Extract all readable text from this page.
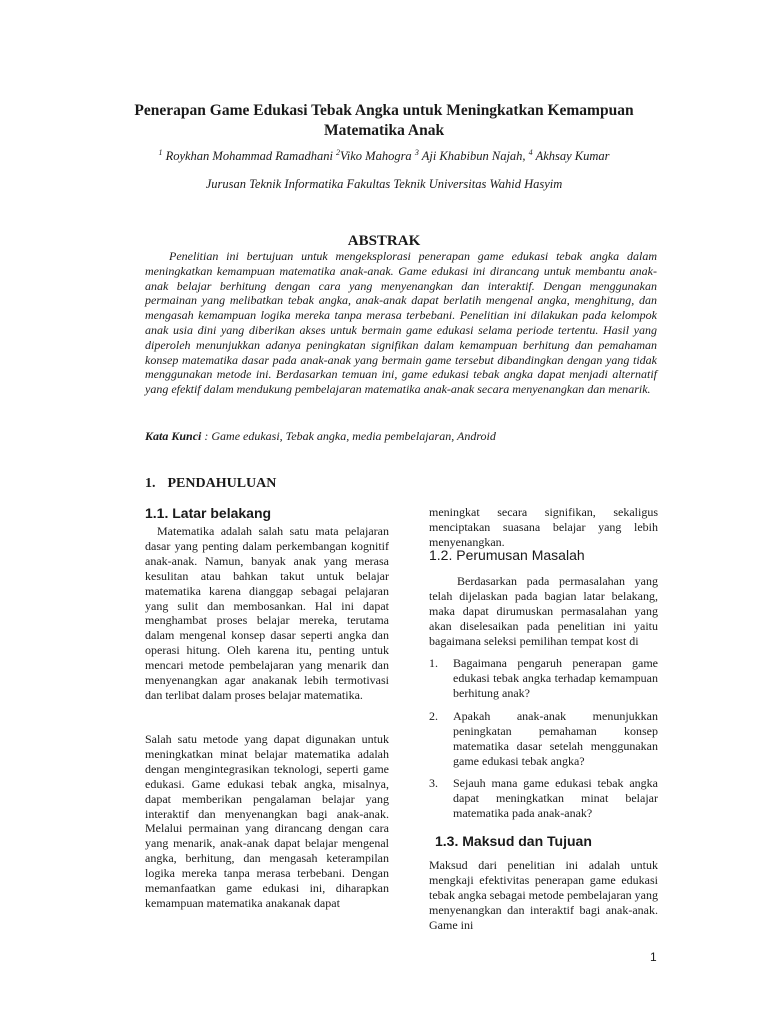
Penerapan Game Edukasi Tebak Angka untuk Meningkatkan Kemampuan Matematika Anak
$^1$ Roykhan Mohammad Ramadhani $^2$Viko Mahogra $^3$ Aji Khabibun Najah, $^4$ Akhsay Kumar
Jurusan Teknik Informatika Fakultas Teknik Universitas Wahid Hasyim
ABSTRAK
Penelitian ini bertujuan untuk mengeksplorasi penerapan game edukasi tebak angka dalam meningkatkan kemampuan matematika anak-anak. Game edukasi ini dirancang untuk membantu anak-anak belajar berhitung dengan cara yang menyenangkan dan interaktif. Dengan menggunakan permainan yang melibatkan tebak angka, anak-anak dapat berlatih mengenal angka, menghitung, dan mengasah kemampuan logika mereka tanpa merasa terbebani. Penelitian ini dilakukan pada kelompok anak usia dini yang diberikan akses untuk bermain game edukasi selama periode tertentu. Hasil yang diperoleh menunjukkan adanya peningkatan signifikan dalam kemampuan berhitung dan pemahaman konsep matematika dasar pada anak-anak yang bermain game tersebut dibandingkan dengan yang tidak menggunakan metode ini. Berdasarkan temuan ini, game edukasi tebak angka dapat menjadi alternatif yang efektif dalam mendukung pembelajaran matematika anak-anak secara menyenangkan dan menarik.
Kata Kunci : Game edukasi, Tebak angka, media pembelajaran, Android
1. PENDAHULUAN
1.1. Latar belakang
Matematika adalah salah satu mata pelajaran dasar yang penting dalam perkembangan kognitif anak-anak. Namun, banyak anak yang merasa kesulitan atau bahkan takut untuk belajar matematika karena dianggap sebagai pelajaran yang sulit dan membosankan. Hal ini dapat menghambat proses belajar mereka, terutama dalam mengenal konsep dasar seperti angka dan operasi hitung. Oleh karena itu, penting untuk mencari metode pembelajaran yang menarik dan menyenangkan agar anakanak lebih termotivasi dan terlibat dalam proses belajar matematika.
Salah satu metode yang dapat digunakan untuk meningkatkan minat belajar matematika adalah dengan mengintegrasikan teknologi, seperti game edukasi. Game edukasi tebak angka, misalnya, dapat memberikan pengalaman belajar yang interaktif dan menyenangkan bagi anak-anak. Melalui permainan yang dirancang dengan cara yang menarik, anak-anak dapat belajar mengenal angka, berhitung, dan mengasah keterampilan logika mereka tanpa merasa terbebani. Dengan memanfaatkan game edukasi ini, diharapkan kemampuan matematika anakanak dapat
meningkat secara signifikan, sekaligus menciptakan suasana belajar yang lebih menyenangkan.
1.2. Perumusan Masalah
Berdasarkan pada permasalahan yang telah dijelaskan pada bagian latar belakang, maka dapat dirumuskan permasalahan yang akan diselesaikan pada penelitian ini yaitu bagaimana seleksi pemilihan tempat kost di
1. Bagaimana pengaruh penerapan game edukasi tebak angka terhadap kemampuan berhitung anak?
2. Apakah anak-anak menunjukkan peningkatan pemahaman konsep matematika dasar setelah menggunakan game edukasi tebak angka?
3. Sejauh mana game edukasi tebak angka dapat meningkatkan minat belajar matematika pada anak-anak?
1.3. Maksud dan Tujuan
Maksud dari penelitian ini adalah untuk mengkaji efektivitas penerapan game edukasi tebak angka sebagai metode pembelajaran yang menyenangkan dan interaktif bagi anak-anak. Game ini
1
